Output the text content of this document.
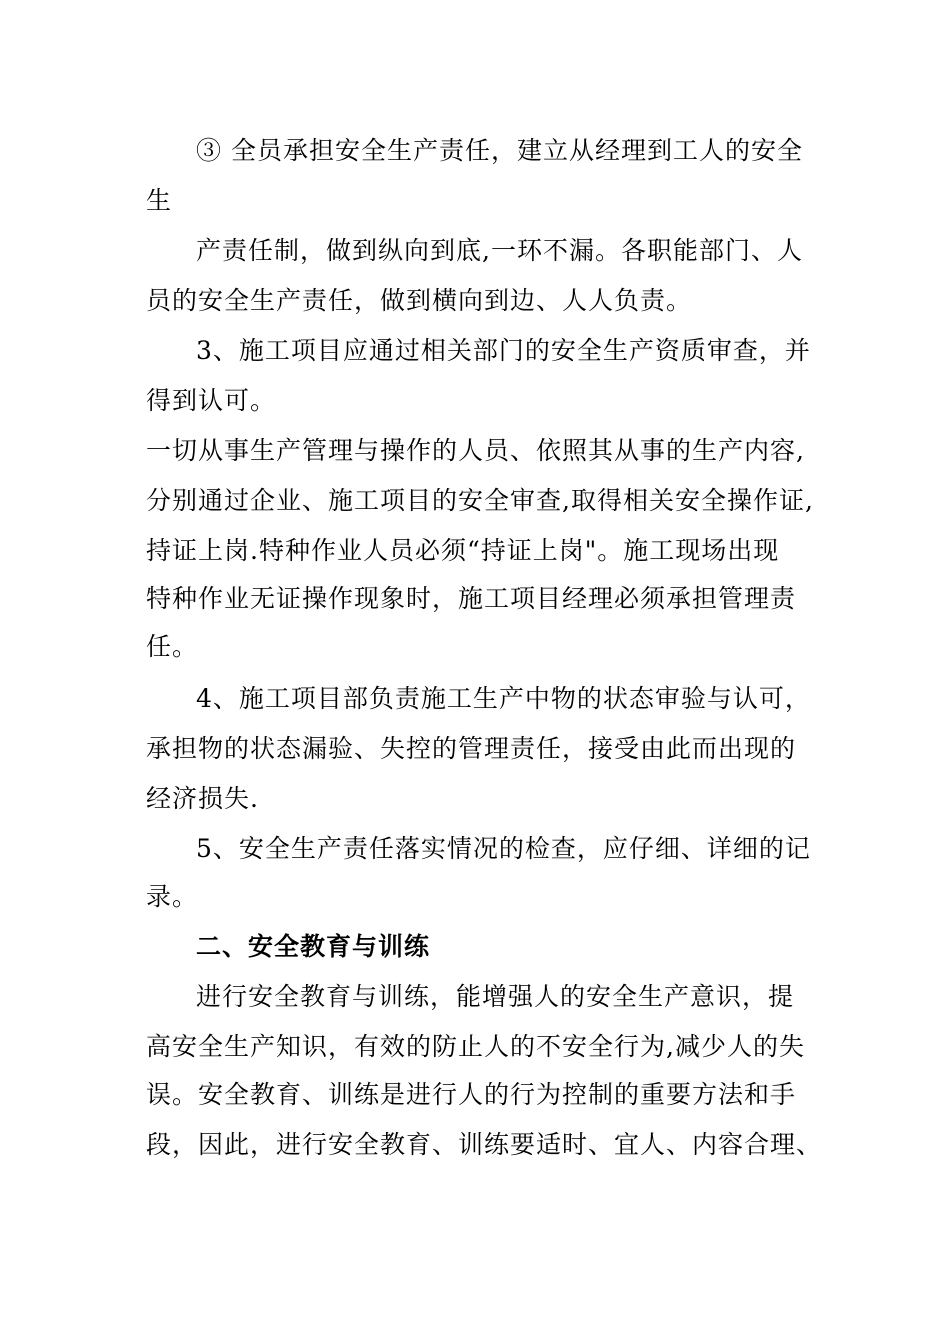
③ 全员承担安全生产责任，建立从经理到工人的安全
生
产责任制，做到纵向到底,一环不漏。各职能部门、人
员的安全生产责任，做到横向到边、人人负责。
3、施工项目应通过相关部门的安全生产资质审查，并
得到认可。
一切从事生产管理与操作的人员、依照其从事的生产内容,
分别通过企业、施工项目的安全审查,取得相关安全操作证,
持证上岗.特种作业人员必须“持证上岗"。施工现场出现
特种作业无证操作现象时，施工项目经理必须承担管理责
任。
4、施工项目部负责施工生产中物的状态审验与认可，
承担物的状态漏验、失控的管理责任，接受由此而出现的
经济损失.
5、安全生产责任落实情况的检查，应仔细、详细的记
录。
二、安全教育与训练
进行安全教育与训练，能增强人的安全生产意识，提
高安全生产知识，有效的防止人的不安全行为,减少人的失
误。安全教育、训练是进行人的行为控制的重要方法和手
段，因此，进行安全教育、训练要适时、宜人、内容合理、
